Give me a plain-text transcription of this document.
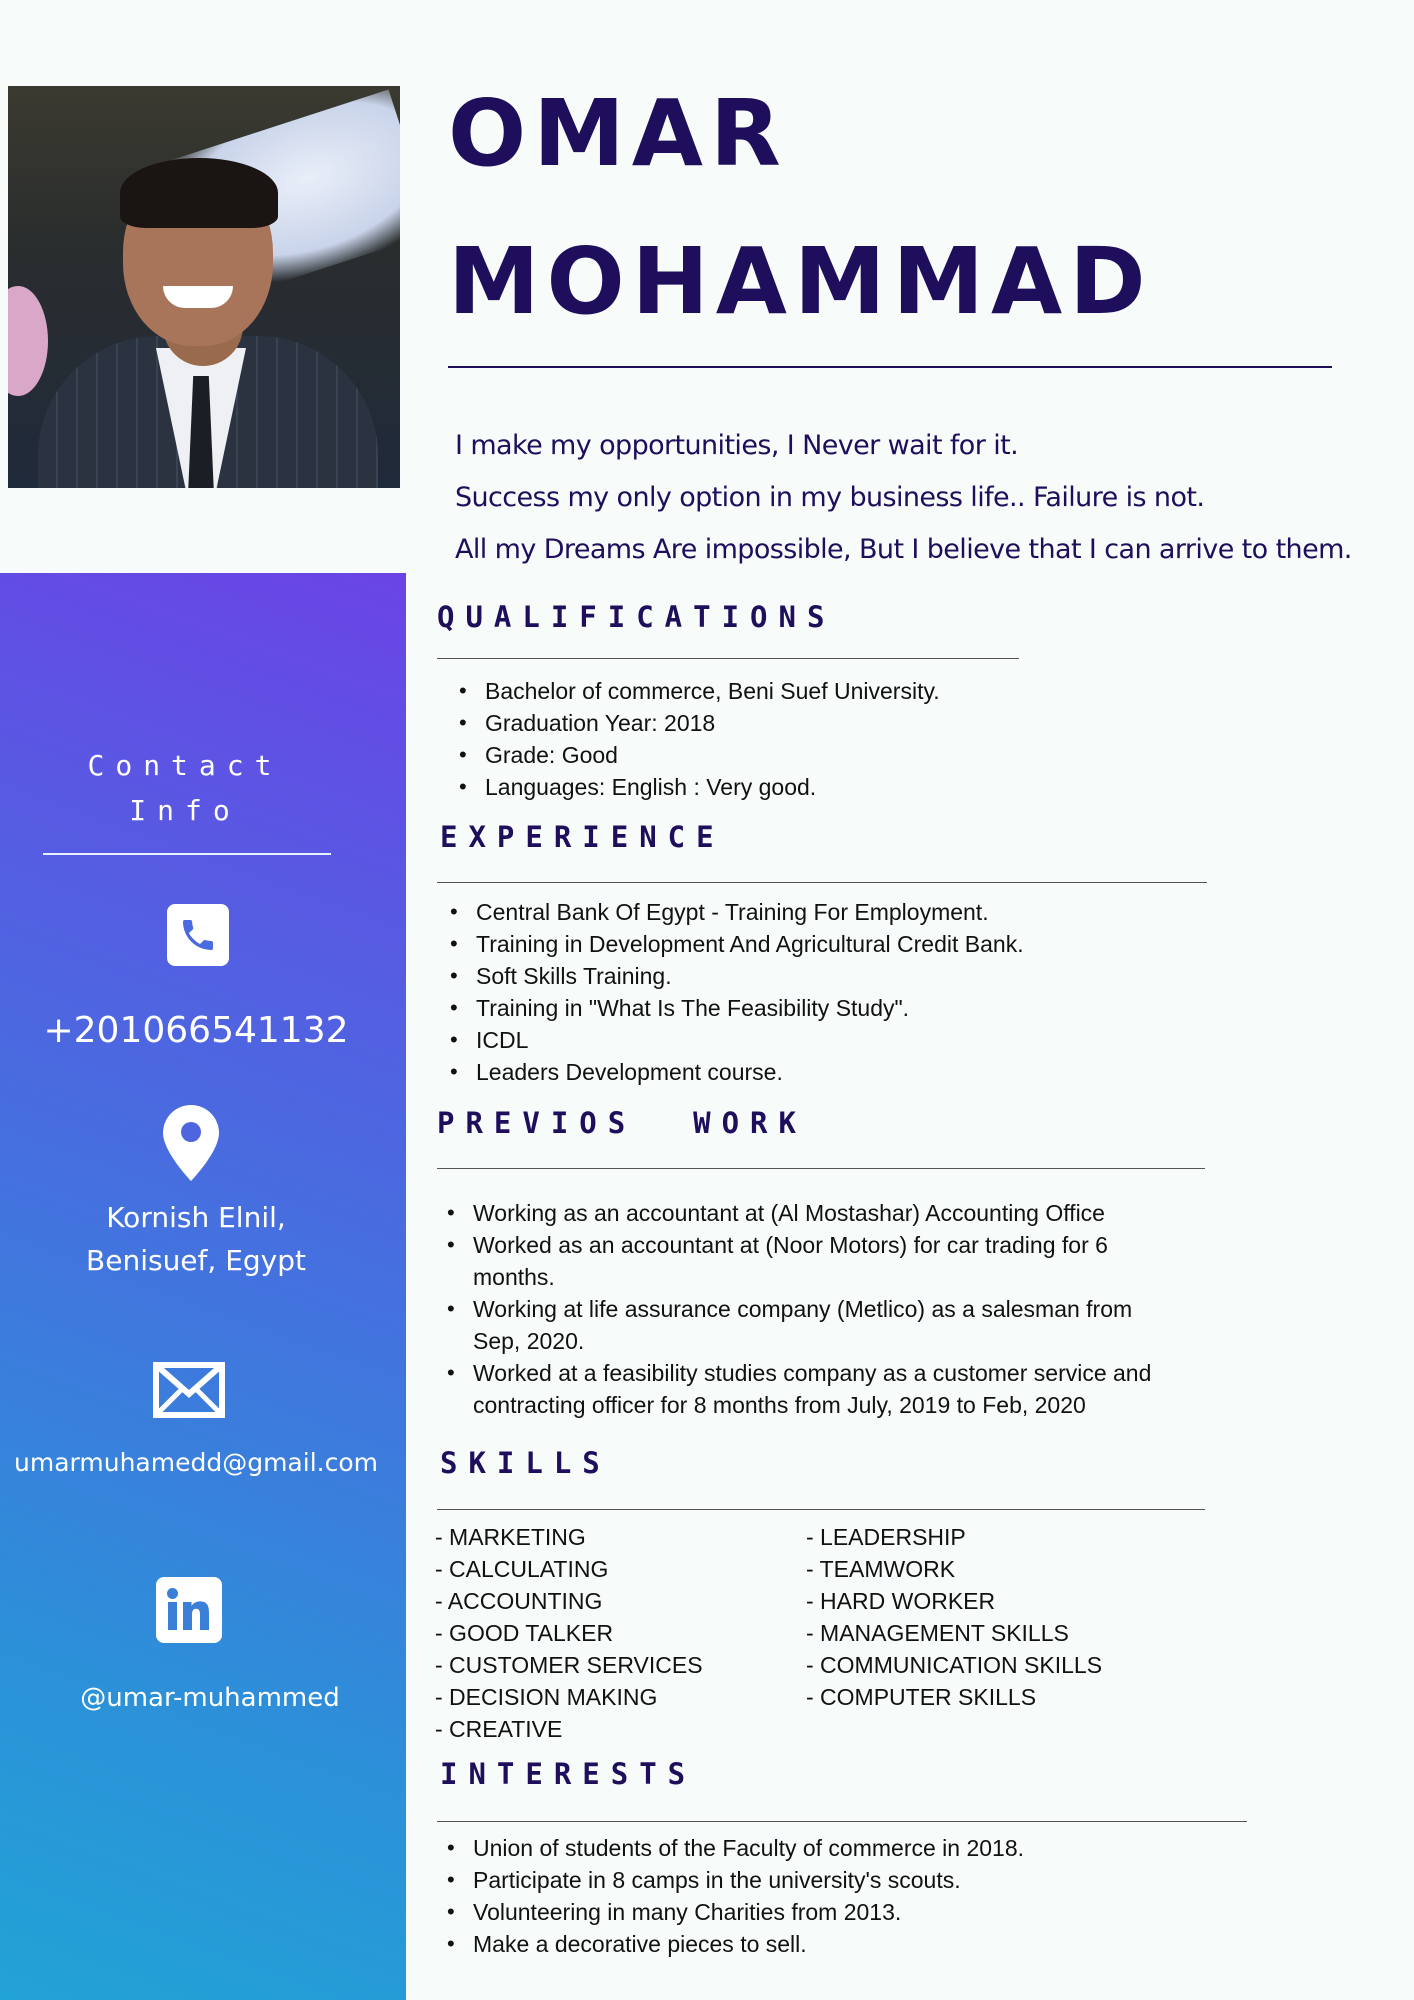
OMAR
MOHAMMAD
I make my opportunities, I Never wait for it.
Success my only option in my business life.. Failure is not.
All my Dreams Are impossible, But I believe that I can arrive to them.
Contact
Info
+201066541132
Kornish Elnil,
Benisuef, Egypt
umarmuhamedd@gmail.com
@umar-muhammed
QUALIFICATIONS
• Bachelor of commerce, Beni Suef University.
• Graduation Year: 2018
• Grade: Good
• Languages: English : Very good.
EXPERIENCE
• Central Bank Of Egypt - Training For Employment.
• Training in Development And Agricultural Credit Bank.
• Soft Skills Training.
• Training in "What Is The Feasibility Study".
• ICDL
• Leaders Development course.
PREVIOS  WORK
• Working as an accountant at (Al Mostashar) Accounting Office
• Worked as an accountant at (Noor Motors) for car trading for 6 months.
• Working at life assurance company (Metlico) as a salesman from Sep, 2020.
• Worked at a feasibility studies company as a customer service and contracting officer for 8 months from July, 2019 to Feb, 2020
SKILLS
- MARKETING
- CALCULATING
- ACCOUNTING
- GOOD TALKER
- CUSTOMER SERVICES
- DECISION MAKING
- CREATIVE
- LEADERSHIP
- TEAMWORK
- HARD WORKER
- MANAGEMENT SKILLS
- COMMUNICATION SKILLS
- COMPUTER SKILLS
INTERESTS
• Union of students of the Faculty of commerce in 2018.
• Participate in 8 camps in the university's scouts.
• Volunteering in many Charities from 2013.
• Make a decorative pieces to sell.
